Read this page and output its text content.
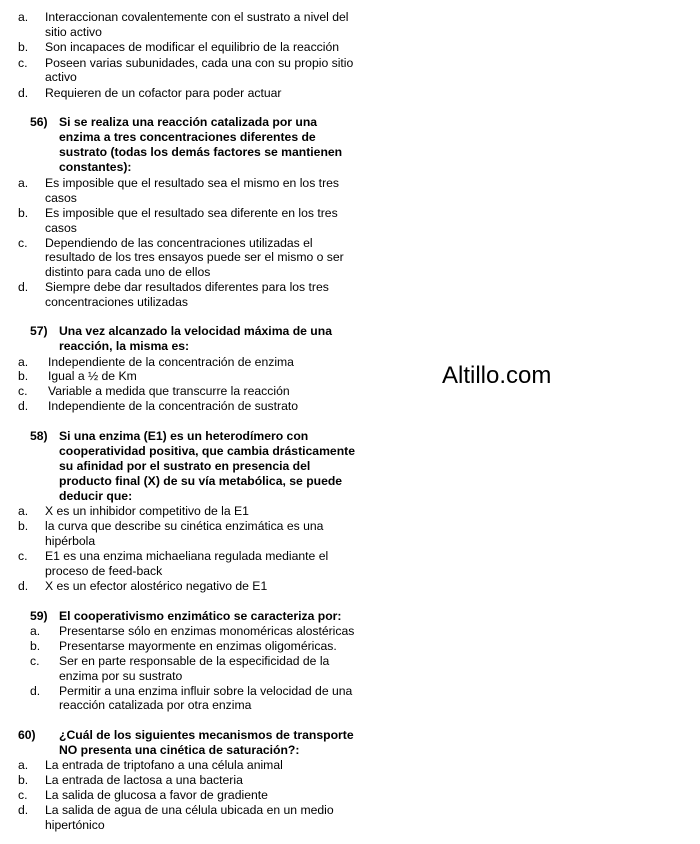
a. Interaccionan covalentemente con el sustrato a nivel del
sitio activo
b. Son incapaces de modificar el equilibrio de la reacción
c. Poseen varias subunidades, cada una con su propio sitio
activo
d. Requieren de un cofactor para poder actuar
56) Si se realiza una reacción catalizada por una
enzima a tres concentraciones diferentes de
sustrato (todas los demás factores se mantienen
constantes):
a. Es imposible que el resultado sea el mismo en los tres
casos
b. Es imposible que el resultado sea diferente en los tres
casos
c. Dependiendo de las concentraciones utilizadas el
resultado de los tres ensayos puede ser el mismo o ser
distinto para cada uno de ellos
d. Siempre debe dar resultados diferentes para los tres
concentraciones utilizadas
57) Una vez alcanzado la velocidad máxima de una
reacción, la misma es:
a. Independiente de la concentración de enzima
b. Igual a ½ de Km
c. Variable a medida que transcurre la reacción
d. Independiente de la concentración de sustrato
Altillo.com
58) Si una enzima (E1) es un heterodímero con
cooperatividad positiva, que cambia drásticamente
su afinidad por el sustrato en presencia del
producto final (X) de su vía metabólica, se puede
deducir que:
a. X es un inhibidor competitivo de la E1
b. la curva que describe su cinética enzimática es una
hipérbola
c. E1 es una enzima michaeliana regulada mediante el
proceso de feed-back
d. X es un efector alostérico negativo de E1
59) El cooperativismo enzimático se caracteriza por:
a. Presentarse sólo en enzimas monoméricas alostéricas
b. Presentarse mayormente en enzimas oligoméricas.
c. Ser en parte responsable de la especificidad de la
enzima por su sustrato
d. Permitir a una enzima influir sobre la velocidad de una
reacción catalizada por otra enzima
60) ¿Cuál de los siguientes mecanismos de transporte
NO presenta una cinética de saturación?:
a. La entrada de triptofano a una célula animal
b. La entrada de lactosa a una bacteria
c. La salida de glucosa a favor de gradiente
d. La salida de agua de una célula ubicada en un medio
hipertónico
